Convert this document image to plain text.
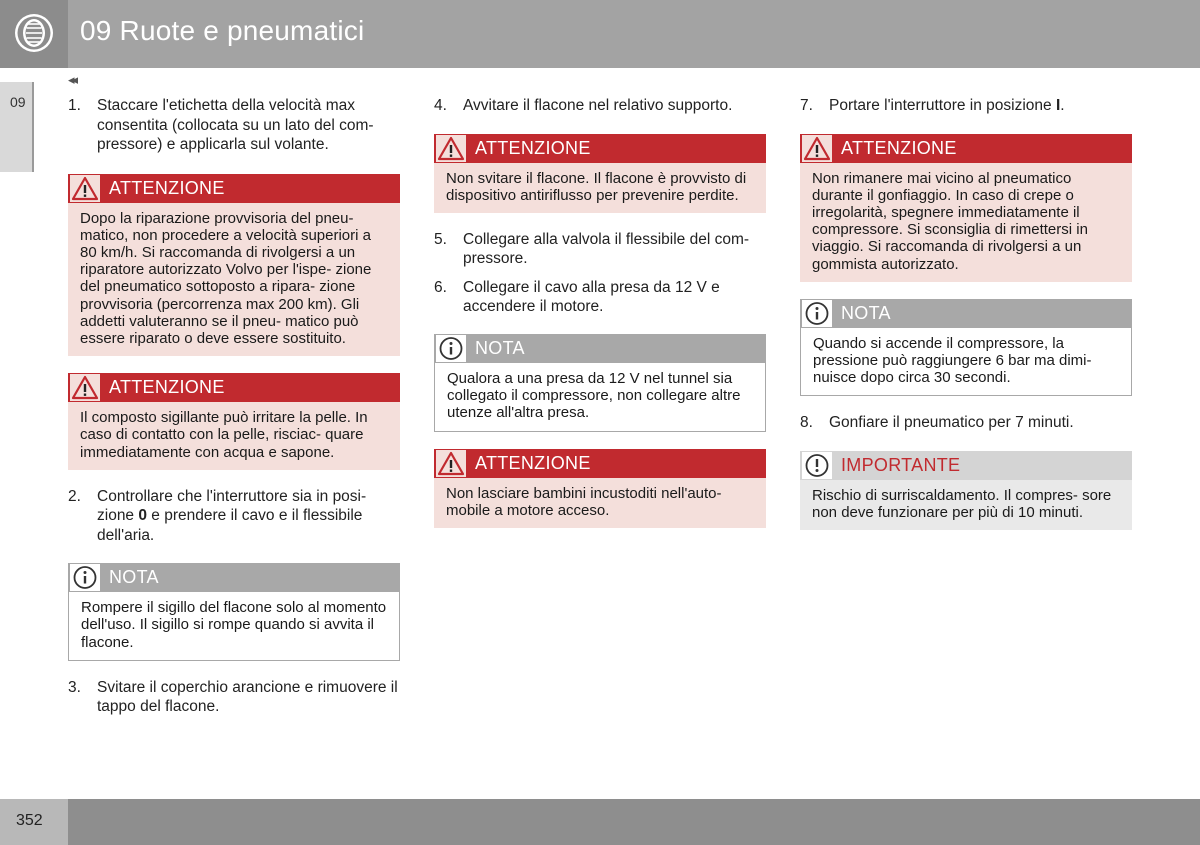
09 Ruote e pneumatici
09
◂◂
1. Staccare l'etichetta della velocità max consentita (collocata su un lato del com- pressore) e applicarla sul volante.
ATTENZIONE
Dopo la riparazione provvisoria del pneu- matico, non procedere a velocità superiori a 80 km/h. Si raccomanda di rivolgersi a un riparatore autorizzato Volvo per l'ispe- zione del pneumatico sottoposto a ripara- zione provvisoria (percorrenza max 200 km). Gli addetti valuteranno se il pneu- matico può essere riparato o deve essere sostituito.
ATTENZIONE
Il composto sigillante può irritare la pelle. In caso di contatto con la pelle, risciac- quare immediatamente con acqua e sapone.
2. Controllare che l'interruttore sia in posi- zione 0 e prendere il cavo e il flessibile dell'aria.
NOTA
Rompere il sigillo del flacone solo al momento dell'uso. Il sigillo si rompe quando si avvita il flacone.
3. Svitare il coperchio arancione e rimuovere il tappo del flacone.
4. Avvitare il flacone nel relativo supporto.
ATTENZIONE
Non svitare il flacone. Il flacone è provvisto di dispositivo antiriflusso per prevenire perdite.
5. Collegare alla valvola il flessibile del com- pressore.
6. Collegare il cavo alla presa da 12 V e accendere il motore.
NOTA
Qualora a una presa da 12 V nel tunnel sia collegato il compressore, non collegare altre utenze all'altra presa.
ATTENZIONE
Non lasciare bambini incustoditi nell'auto- mobile a motore acceso.
7. Portare l'interruttore in posizione I.
ATTENZIONE
Non rimanere mai vicino al pneumatico durante il gonfiaggio. In caso di crepe o irregolarità, spegnere immediatamente il compressore. Si sconsiglia di rimettersi in viaggio. Si raccomanda di rivolgersi a un gommista autorizzato.
NOTA
Quando si accende il compressore, la pressione può raggiungere 6 bar ma dimi- nuisce dopo circa 30 secondi.
8. Gonfiare il pneumatico per 7 minuti.
IMPORTANTE
Rischio di surriscaldamento. Il compres- sore non deve funzionare per più di 10 minuti.
352
